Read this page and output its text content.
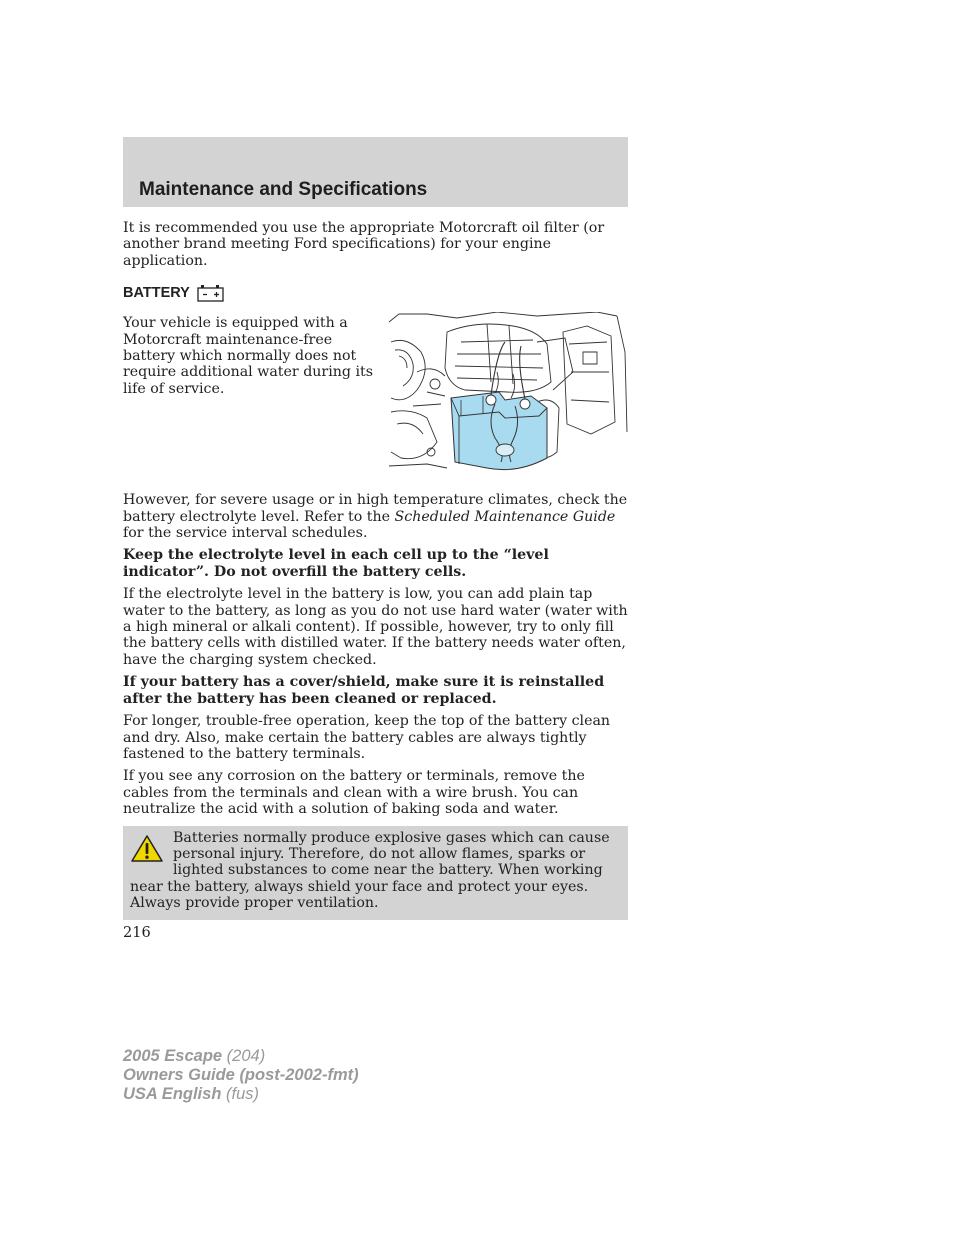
Maintenance and Specifications

It is recommended you use the appropriate Motorcraft oil filter (or another brand meeting Ford specifications) for your engine application.

BATTERY

Your vehicle is equipped with a Motorcraft maintenance-free battery which normally does not require additional water during its life of service.

However, for severe usage or in high temperature climates, check the battery electrolyte level. Refer to the Scheduled Maintenance Guide for the service interval schedules.

Keep the electrolyte level in each cell up to the “level indicator”. Do not overfill the battery cells.

If the electrolyte level in the battery is low, you can add plain tap water to the battery, as long as you do not use hard water (water with a high mineral or alkali content). If possible, however, try to only fill the battery cells with distilled water. If the battery needs water often, have the charging system checked.

If your battery has a cover/shield, make sure it is reinstalled after the battery has been cleaned or replaced.

For longer, trouble-free operation, keep the top of the battery clean and dry. Also, make certain the battery cables are always tightly fastened to the battery terminals.

If you see any corrosion on the battery or terminals, remove the cables from the terminals and clean with a wire brush. You can neutralize the acid with a solution of baking soda and water.

Batteries normally produce explosive gases which can cause personal injury. Therefore, do not allow flames, sparks or lighted substances to come near the battery. When working near the battery, always shield your face and protect your eyes. Always provide proper ventilation.
216
2005 Escape (204)
Owners Guide (post-2002-fmt)
USA English (fus)
